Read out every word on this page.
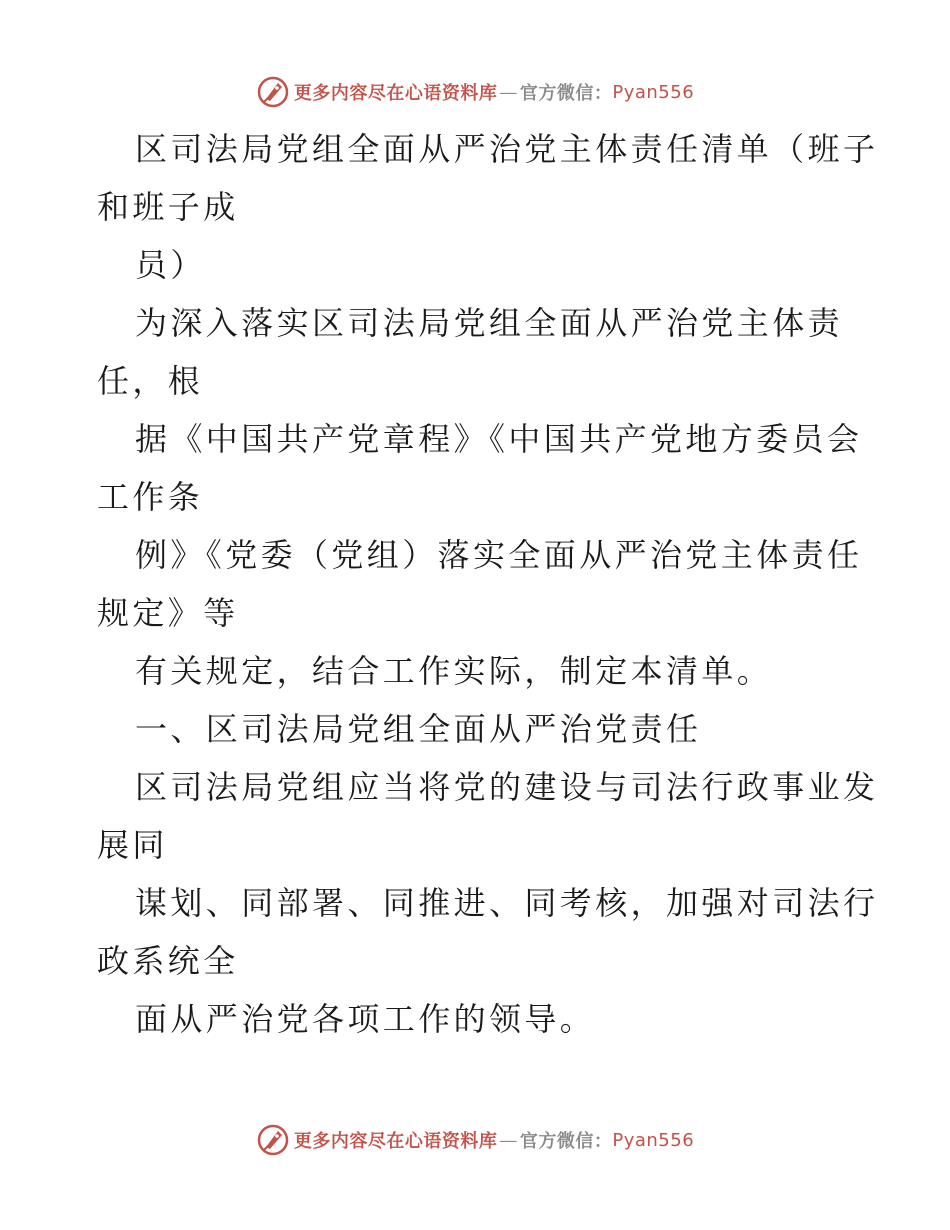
更多内容尽在心语资料库 — 官方微信： Pyan556
区司法局党组全面从严治党主体责任清单（班子
和班子成
员）
为深入落实区司法局党组全面从严治党主体责
任，根
据《中国共产党章程》《中国共产党地方委员会
工作条
例》《党委（党组）落实全面从严治党主体责任
规定》等
有关规定，结合工作实际，制定本清单。
一、区司法局党组全面从严治党责任
区司法局党组应当将党的建设与司法行政事业发
展同
谋划、同部署、同推进、同考核，加强对司法行
政系统全
面从严治党各项工作的领导。
更多内容尽在心语资料库 — 官方微信： Pyan556
